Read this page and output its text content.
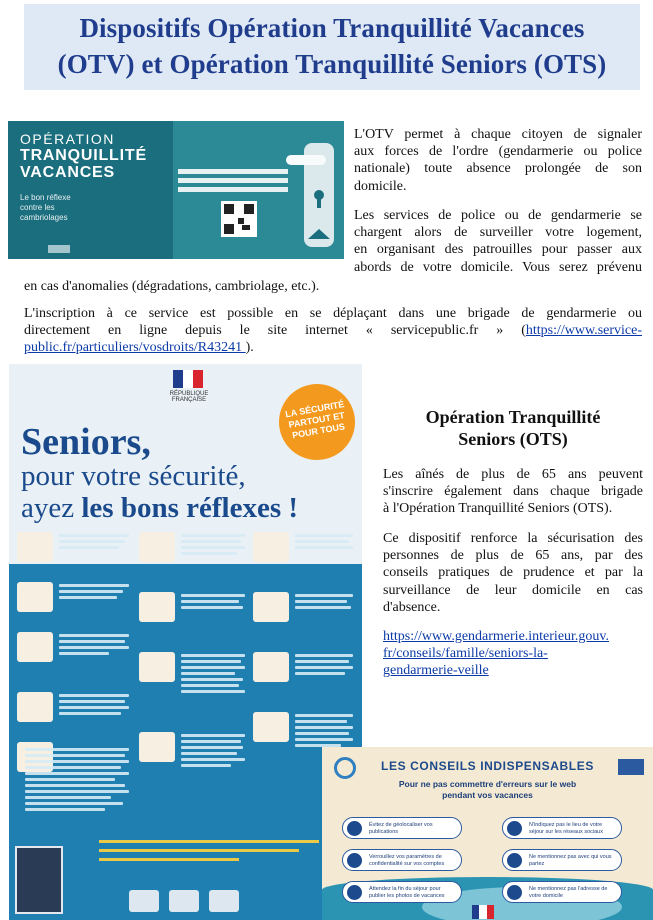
Dispositifs Opération Tranquillité Vacances
(OTV) et Opération Tranquillité Seniors (OTS)
OPÉRATION
TRANQUILLITÉ
VACANCES
Le bon réflexe
contre les
cambriolages
L'OTV permet à chaque citoyen de signaler
aux forces de l'ordre (gendarmerie ou police
nationale) toute absence prolongée de son
domicile.
Les services de police ou de gendarmerie se
chargent alors de surveiller votre logement,
en organisant des patrouilles pour passer aux
abords de votre domicile. Vous serez prévenu
en cas d'anomalies (dégradations, cambriolage, etc.).
L'inscription à ce service est possible en se déplaçant dans une brigade de gendarmerie ou
directement en ligne depuis le site internet « servicepublic.fr » (https://www.service-
public.fr/particuliers/vosdroits/R43241 ).
RÉPUBLIQUE FRANÇAISE	LA SÉCURITÉ PARTOUT ET POUR TOUS
Seniors,
pour votre sécurité,
ayez les bons réflexes !
Opération Tranquillité
Seniors (OTS)
Les aînés de plus de 65 ans peuvent
s'inscrire également dans chaque brigade
à l'Opération Tranquillité Seniors (OTS).
Ce dispositif renforce la sécurisation des
personnes de plus de 65 ans, par des
conseils pratiques de prudence et par la
surveillance de leur domicile en cas
d'absence.
https://www.gendarmerie.interieur.gouv.
fr/conseils/famille/seniors-la-
gendarmerie-veille
LES CONSEILS INDISPENSABLES
Pour ne pas commettre d'erreurs sur le web
pendant vos vacances
Évitez de géolocaliser vos publications
N'indiquez pas le lieu de votre séjour sur les réseaux sociaux
Verrouillez vos paramètres de confidentialité sur vos comptes
Ne mentionnez pas avec qui vous partez
Attendez la fin du séjour pour publier les photos de vacances
Ne mentionnez pas l'adresse de votre domicile
